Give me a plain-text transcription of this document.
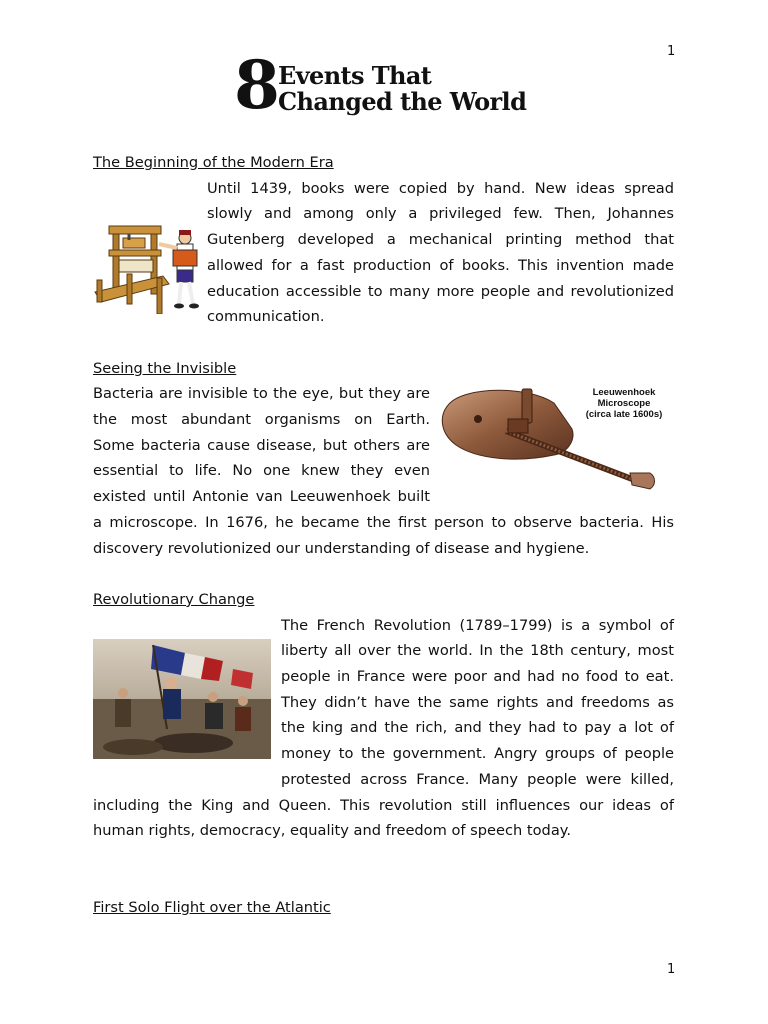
1
8 Events That
Changed the World
The Beginning of the Modern Era

Until 1439, books were copied by hand. New ideas spread slowly and among only a privileged few. Then, Johannes Gutenberg developed a mechanical printing method that allowed for a fast production of books. This invention made education accessible to many more people and revolutionized communication.

Seeing the Invisible
Leeuwenhoek
Microscope
(circa late 1600s)

Bacteria are invisible to the eye, but they are the most abundant organisms on Earth. Some bacteria cause disease, but others are essential to life. No one knew they even existed until Antonie van Leeuwenhoek built a microscope. In 1676, he became the first person to observe bacteria. His discovery revolutionized our understanding of disease and hygiene.

Revolutionary Change

The French Revolution (1789–1799) is a symbol of liberty all over the world. In the 18th century, most people in France were poor and had no food to eat. They didn’t have the same rights and freedoms as the king and the rich, and they had to pay a lot of money to the government. Angry groups of people protested across France. Many people were killed, including the King and Queen. This revolution still influences our ideas of human rights, democracy, equality and freedom of speech today.

First Solo Flight over the Atlantic
1
